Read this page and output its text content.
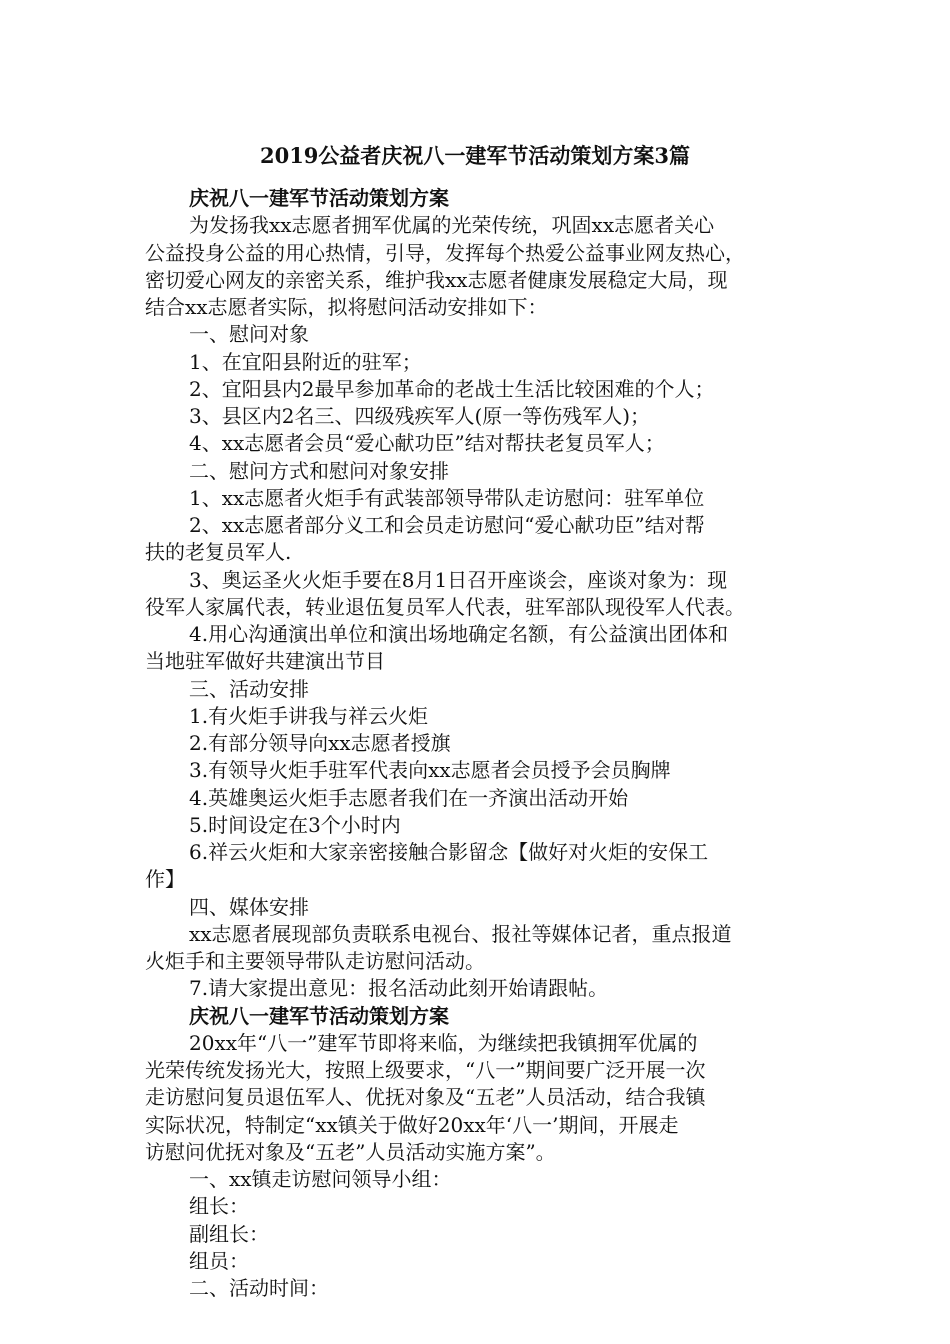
2019公益者庆祝八一建军节活动策划方案3篇
庆祝八一建军节活动策划方案
为发扬我xx志愿者拥军优属的光荣传统，巩固xx志愿者关心
公益投身公益的用心热情，引导，发挥每个热爱公益事业网友热心，
密切爱心网友的亲密关系，维护我xx志愿者健康发展稳定大局，现
结合xx志愿者实际，拟将慰问活动安排如下：
一、慰问对象
1、在宜阳县附近的驻军；
2、宜阳县内2最早参加革命的老战士生活比较困难的个人；
3、县区内2名三、四级残疾军人(原一等伤残军人)；
4、xx志愿者会员“爱心献功臣”结对帮扶老复员军人；
二、慰问方式和慰问对象安排
1、xx志愿者火炬手有武装部领导带队走访慰问：驻军单位
2、xx志愿者部分义工和会员走访慰问“爱心献功臣”结对帮
扶的老复员军人.
3、奥运圣火火炬手要在8月1日召开座谈会，座谈对象为：现
役军人家属代表，转业退伍复员军人代表，驻军部队现役军人代表。
4.用心沟通演出单位和演出场地确定名额，有公益演出团体和
当地驻军做好共建演出节目
三、活动安排
1.有火炬手讲我与祥云火炬
2.有部分领导向xx志愿者授旗
3.有领导火炬手驻军代表向xx志愿者会员授予会员胸牌
4.英雄奥运火炬手志愿者我们在一齐演出活动开始
5.时间设定在3个小时内
6.祥云火炬和大家亲密接触合影留念【做好对火炬的安保工
作】
四、媒体安排
xx志愿者展现部负责联系电视台、报社等媒体记者，重点报道
火炬手和主要领导带队走访慰问活动。
7.请大家提出意见：报名活动此刻开始请跟帖。
庆祝八一建军节活动策划方案
20xx年“八一”建军节即将来临，为继续把我镇拥军优属的
光荣传统发扬光大，按照上级要求，“八一”期间要广泛开展一次
走访慰问复员退伍军人、优抚对象及“五老”人员活动，结合我镇
实际状况，特制定“xx镇关于做好20xx年‘八一’期间，开展走
访慰问优抚对象及“五老”人员活动实施方案”。
一、xx镇走访慰问领导小组：
组长：
副组长：
组员：
二、活动时间：
